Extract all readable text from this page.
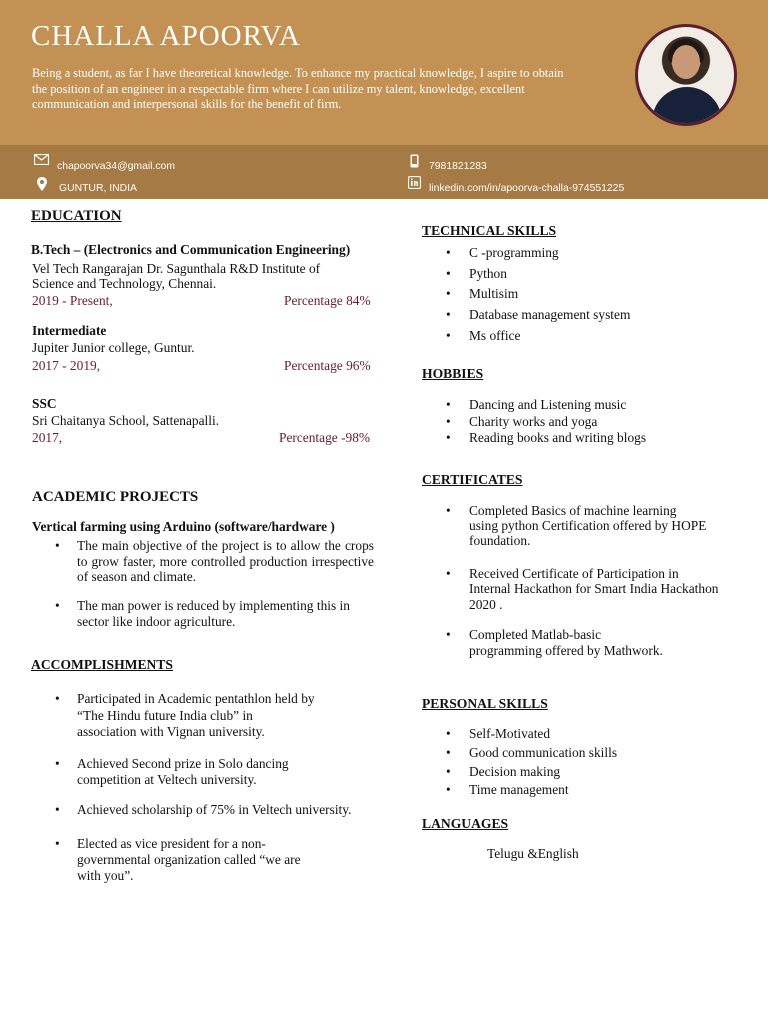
CHALLA APOORVA
Being a student, as far I have theoretical knowledge. To enhance my practical knowledge, I aspire to obtain the position of an engineer in a respectable firm where I can utilize my talent, knowledge, excellent communication and interpersonal skills for the benefit of firm.
chapoorva34@gmail.com
GUNTUR, INDIA
7981821283
linkedin.com/in/apoorva-challa-974551225
EDUCATION
B.Tech – (Electronics and Communication Engineering)
Vel Tech Rangarajan Dr. Sagunthala R&D Institute of
Science and Technology, Chennai.
2019 - Present,	Percentage 84%
Intermediate
Jupiter Junior college, Guntur.
2017 - 2019,	Percentage 96%
SSC
Sri Chaitanya School, Sattenapalli.
2017,	Percentage -98%
ACADEMIC PROJECTS
Vertical farming using Arduino (software/hardware )
• The main objective of the project is to allow the crops to grow faster, more controlled production irrespective of season and climate.
• The man power is reduced by implementing this in sector like indoor agriculture.
ACCOMPLISHMENTS
• Participated in Academic pentathlon held by
“The Hindu future India club” in
association with Vignan university.
• Achieved Second prize in Solo dancing
competition at Veltech university.
• Achieved scholarship of 75% in Veltech university.
• Elected as vice president for a non-
governmental organization called “we are
with you”.
TECHNICAL SKILLS
• C -programming
• Python
• Multisim
• Database management system
• Ms office
HOBBIES
• Dancing and Listening music
• Charity works and yoga
• Reading books and writing blogs
CERTIFICATES
• Completed Basics of machine learning
using python Certification offered by HOPE
foundation.
• Received Certificate of Participation in
Internal Hackathon for Smart India Hackathon
2020 .
• Completed Matlab-basic
programming offered by Mathwork.
PERSONAL SKILLS
• Self-Motivated
• Good communication skills
• Decision making
• Time management
LANGUAGES
Telugu &English
